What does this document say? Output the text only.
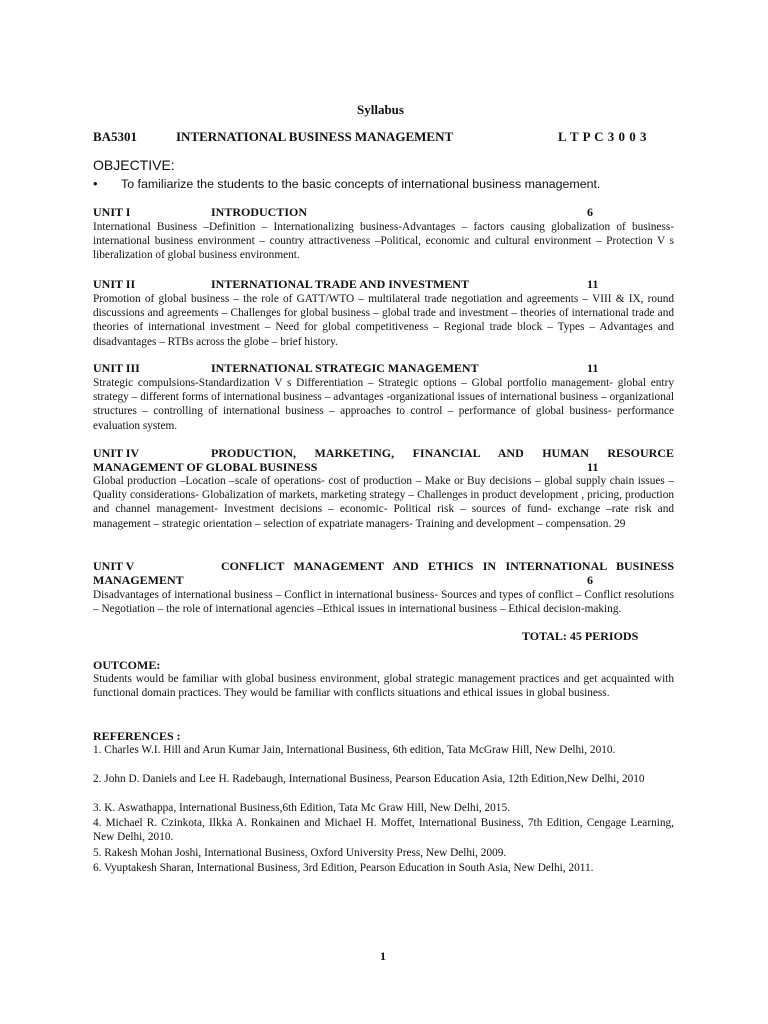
Syllabus
BA5301	INTERNATIONAL BUSINESS MANAGEMENT	L T P C 3 0 0 3
OBJECTIVE:
• To familiarize the students to the basic concepts of international business management.
UNIT I	INTRODUCTION	6
International Business –Definition – Internationalizing business-Advantages – factors causing globalization of business- international business environment – country attractiveness –Political, economic and cultural environment – Protection V s liberalization of global business environment.
UNIT II	INTERNATIONAL TRADE AND INVESTMENT	11
Promotion of global business – the role of GATT/WTO – multilateral trade negotiation and agreements – VIII & IX, round discussions and agreements – Challenges for global business – global trade and investment – theories of international trade and theories of international investment – Need for global competitiveness – Regional trade block – Types – Advantages and disadvantages – RTBs across the globe – brief history.
UNIT III	INTERNATIONAL STRATEGIC MANAGEMENT	11
Strategic compulsions-Standardization V s Differentiation – Strategic options – Global portfolio management- global entry strategy – different forms of international business – advantages -organizational issues of international business – organizational structures – controlling of international business – approaches to control – performance of global business- performance evaluation system.
UNIT IV	PRODUCTION, MARKETING, FINANCIAL AND HUMAN RESOURCE
MANAGEMENT OF GLOBAL BUSINESS	11
Global production –Location –scale of operations- cost of production – Make or Buy decisions – global supply chain issues – Quality considerations- Globalization of markets, marketing strategy – Challenges in product development , pricing, production and channel management- Investment decisions – economic- Political risk – sources of fund- exchange –rate risk and management – strategic orientation – selection of expatriate managers- Training and development – compensation. 29
UNIT V	CONFLICT MANAGEMENT AND ETHICS IN INTERNATIONAL BUSINESS
MANAGEMENT	6
Disadvantages of international business – Conflict in international business- Sources and types of conflict – Conflict resolutions – Negotiation – the role of international agencies –Ethical issues in international business – Ethical decision-making.
TOTAL: 45 PERIODS
OUTCOME:
Students would be familiar with global business environment, global strategic management practices and get acquainted with functional domain practices. They would be familiar with conflicts situations and ethical issues in global business.
REFERENCES :
1. Charles W.I. Hill and Arun Kumar Jain, International Business, 6th edition, Tata McGraw Hill, New Delhi, 2010.
2. John D. Daniels and Lee H. Radebaugh, International Business, Pearson Education Asia, 12th Edition,New Delhi, 2010
3. K. Aswathappa, International Business,6th Edition, Tata Mc Graw Hill, New Delhi, 2015.
4. Michael R. Czinkota, Ilkka A. Ronkainen and Michael H. Moffet, International Business, 7th Edition, Cengage Learning, New Delhi, 2010.
5. Rakesh Mohan Joshi, International Business, Oxford University Press, New Delhi, 2009.
6. Vyuptakesh Sharan, International Business, 3rd Edition, Pearson Education in South Asia, New Delhi, 2011.
1
